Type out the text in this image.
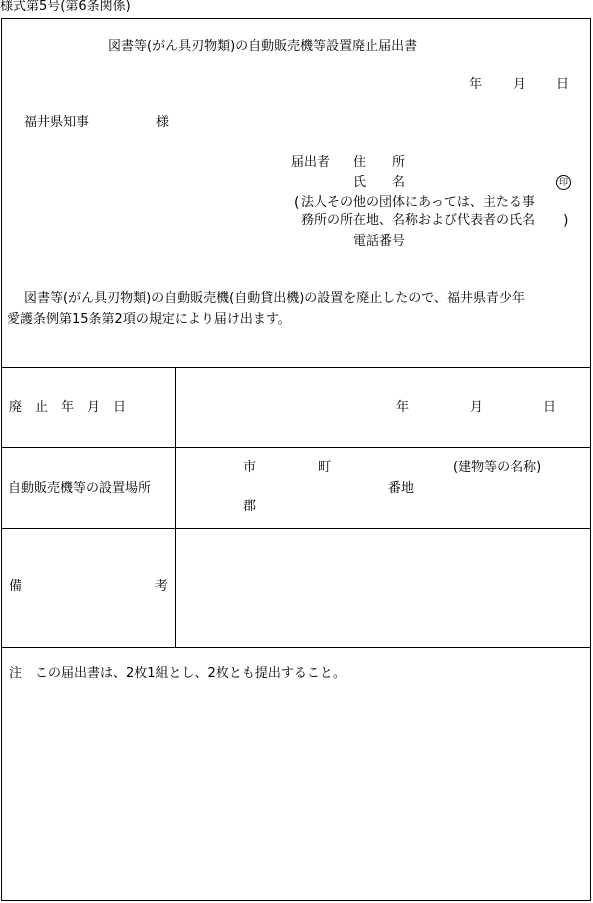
様式第5号(第6条関係)
図書等(がん具刃物類)の自動販売機等設置廃止届出書
年 月 日
福井県知事	様
届出者 住　　所
氏　　名	印
( 法人その他の団体にあっては、主たる事
務所の所在地、名称および代表者の氏名 )
電話番号
図書等(がん具刃物類)の自動販売機(自動貸出機)の設置を廃止したので、福井県青少年
愛護条例第15条第2項の規定により届け出ます。
廃　止　年　月　日	年	月	日
自動販売機等の設置場所
市	町	(建物等の名称)
番地
郡
備	考
注　この届出書は、2枚1組とし、2枚とも提出すること。
